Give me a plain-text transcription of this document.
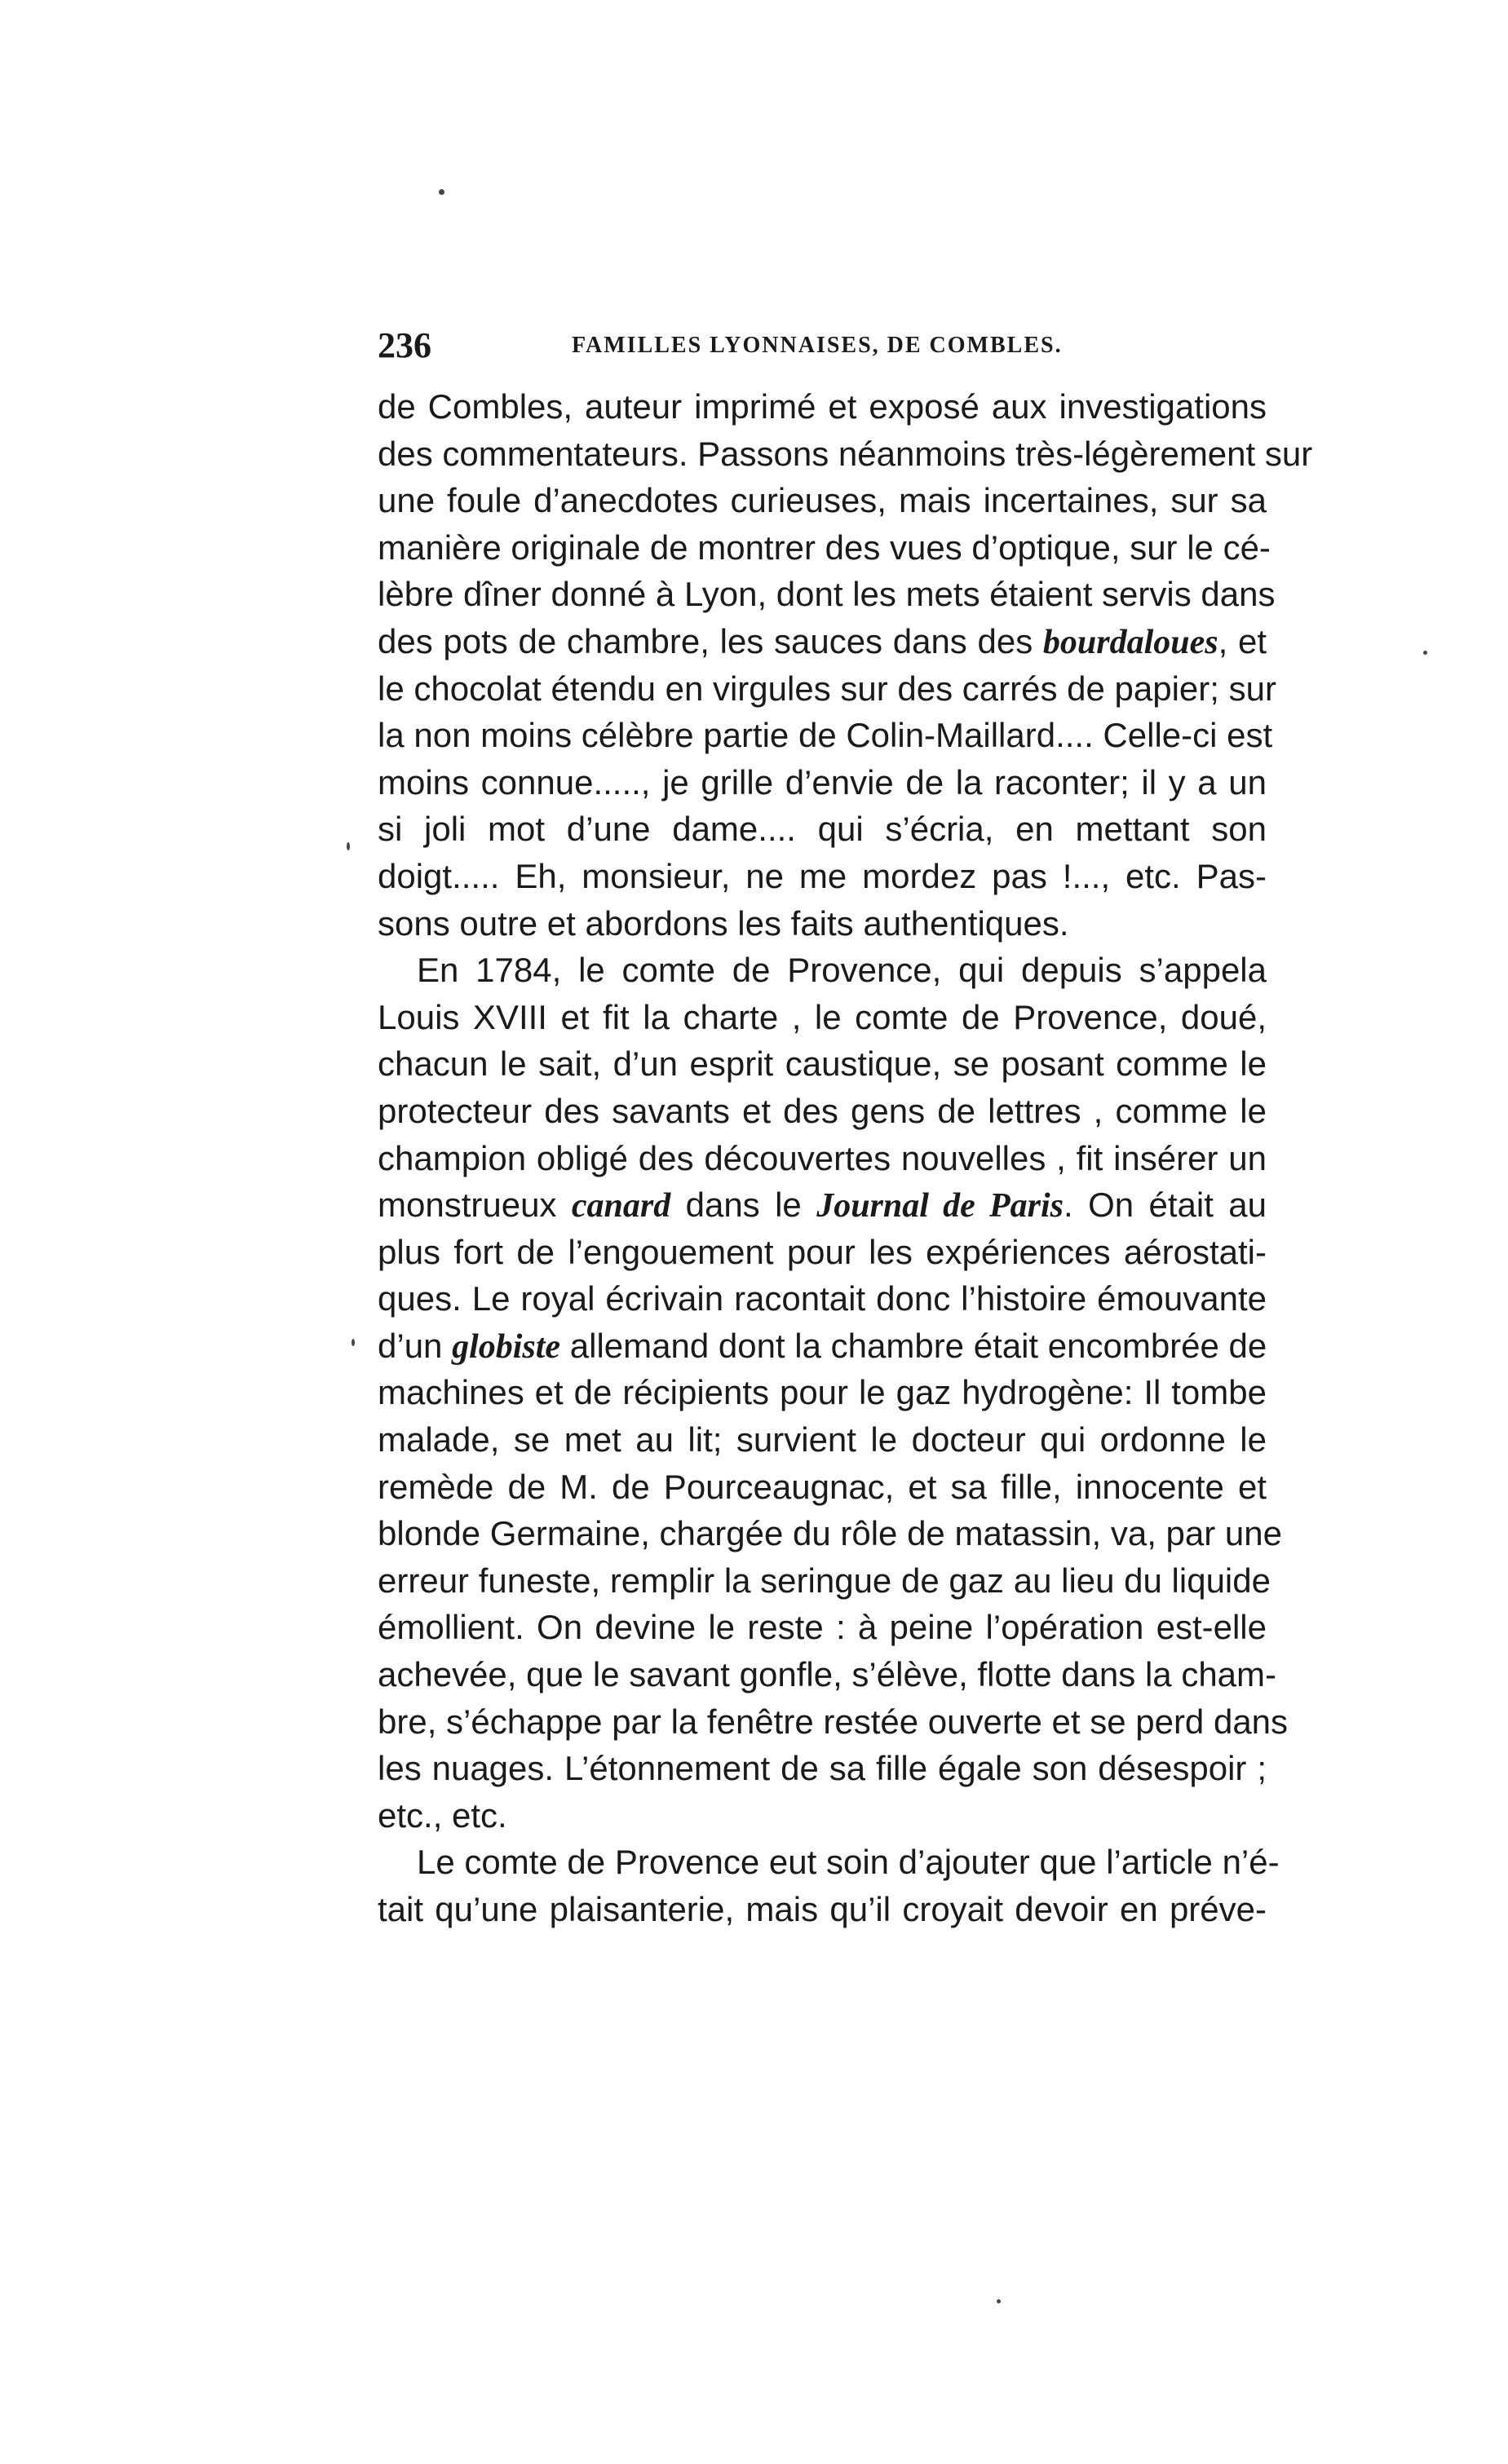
236	FAMILLES LYONNAISES, DE COMBLES.
de Combles, auteur imprimé et exposé aux investigations
des commentateurs. Passons néanmoins très-légèrement sur
une foule d’anecdotes curieuses, mais incertaines, sur sa
manière originale de montrer des vues d’optique, sur le cé-
lèbre dîner donné à Lyon, dont les mets étaient servis dans
des pots de chambre, les sauces dans des bourdaloues, et
le chocolat étendu en virgules sur des carrés de papier; sur
la non moins célèbre partie de Colin-Maillard.... Celle-ci est
moins connue....., je grille d’envie de la raconter; il y a un
si joli mot d’une dame.... qui s’écria, en mettant son
doigt..... Eh, monsieur, ne me mordez pas !..., etc. Pas-
sons outre et abordons les faits authentiques.
En 1784, le comte de Provence, qui depuis s’appela
Louis XVIII et fit la charte , le comte de Provence, doué,
chacun le sait, d’un esprit caustique, se posant comme le
protecteur des savants et des gens de lettres , comme le
champion obligé des découvertes nouvelles , fit insérer un
monstrueux canard dans le Journal de Paris. On était au
plus fort de l’engouement pour les expériences aérostati-
ques. Le royal écrivain racontait donc l’histoire émouvante
d’un globiste allemand dont la chambre était encombrée de
machines et de récipients pour le gaz hydrogène: Il tombe
malade, se met au lit; survient le docteur qui ordonne le
remède de M. de Pourceaugnac, et sa fille, innocente et
blonde Germaine, chargée du rôle de matassin, va, par une
erreur funeste, remplir la seringue de gaz au lieu du liquide
émollient. On devine le reste : à peine l’opération est-elle
achevée, que le savant gonfle, s’élève, flotte dans la cham-
bre, s’échappe par la fenêtre restée ouverte et se perd dans
les nuages. L’étonnement de sa fille égale son désespoir ;
etc., etc.
Le comte de Provence eut soin d’ajouter que l’article n’é-
tait qu’une plaisanterie, mais qu’il croyait devoir en préve-
